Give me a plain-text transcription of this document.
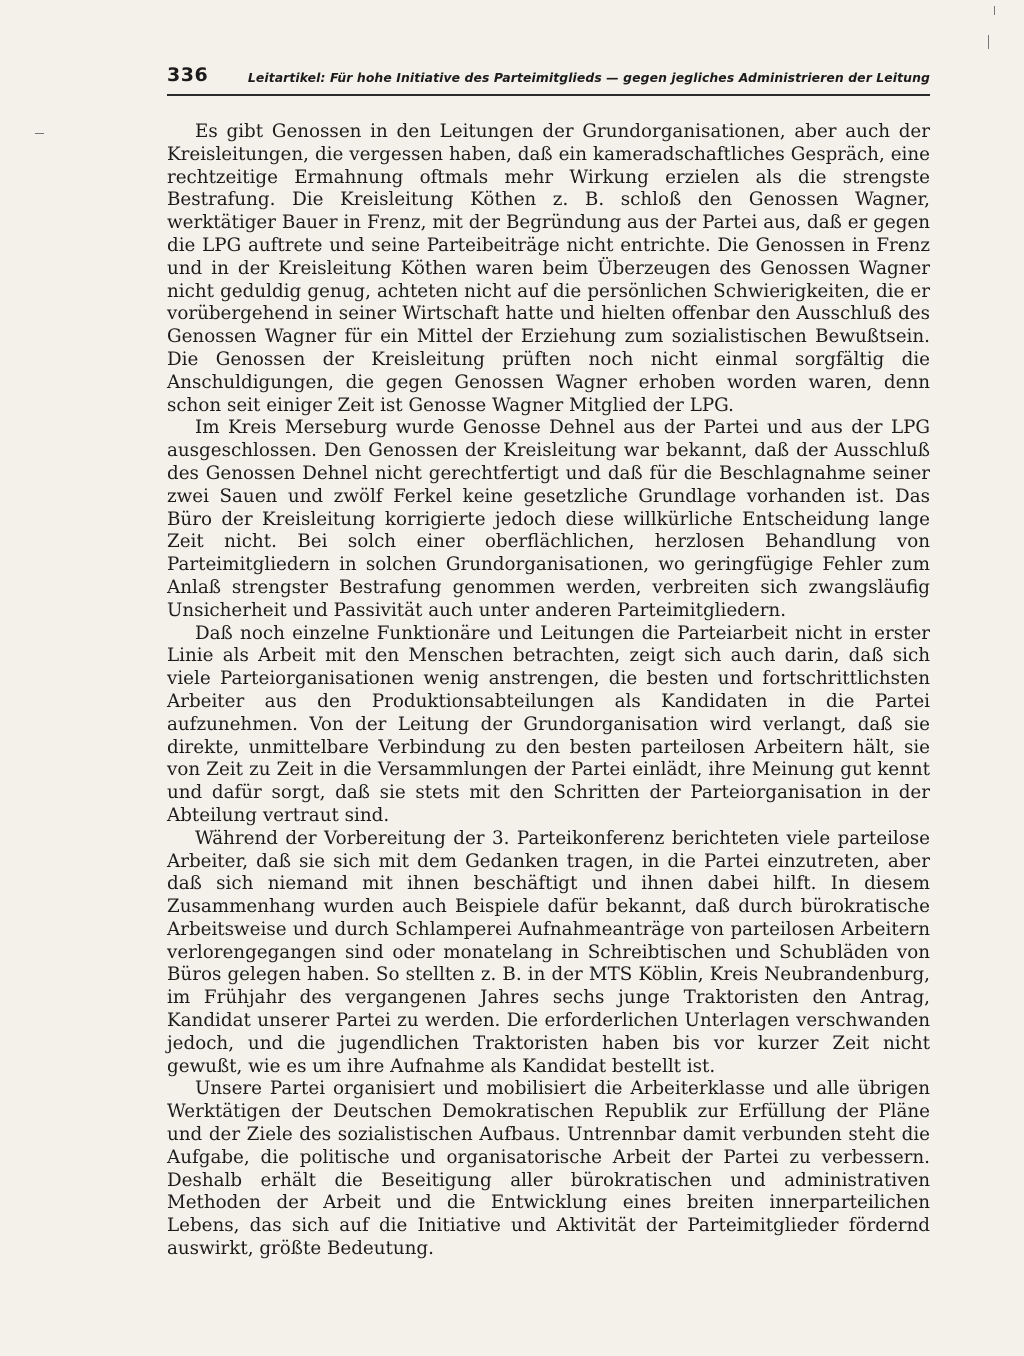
336	Leitartikel: Für hohe Initiative des Parteimitglieds — gegen jegliches Administrieren der Leitung

Es gibt Genossen in den Leitungen der Grundorganisationen, aber auch der Kreisleitungen, die vergessen haben, daß ein kameradschaftliches Gespräch, eine rechtzeitige Ermahnung oftmals mehr Wirkung erzielen als die strengste Bestrafung. Die Kreisleitung Köthen z. B. schloß den Genossen Wagner, werktätiger Bauer in Frenz, mit der Begründung aus der Partei aus, daß er gegen die LPG auftrete und seine Parteibeiträge nicht entrichte. Die Genossen in Frenz und in der Kreisleitung Köthen waren beim Überzeugen des Genossen Wagner nicht geduldig genug, achteten nicht auf die persönlichen Schwierigkeiten, die er vorübergehend in seiner Wirtschaft hatte und hielten offenbar den Ausschluß des Genossen Wagner für ein Mittel der Erziehung zum sozialistischen Bewußtsein. Die Genossen der Kreisleitung prüften noch nicht einmal sorgfältig die Anschuldigungen, die gegen Genossen Wagner erhoben worden waren, denn schon seit einiger Zeit ist Genosse Wagner Mitglied der LPG.

Im Kreis Merseburg wurde Genosse Dehnel aus der Partei und aus der LPG ausgeschlossen. Den Genossen der Kreisleitung war bekannt, daß der Ausschluß des Genossen Dehnel nicht gerechtfertigt und daß für die Beschlagnahme seiner zwei Sauen und zwölf Ferkel keine gesetzliche Grundlage vorhanden ist. Das Büro der Kreisleitung korrigierte jedoch diese willkürliche Entscheidung lange Zeit nicht. Bei solch einer oberflächlichen, herzlosen Behandlung von Parteimitgliedern in solchen Grundorganisationen, wo geringfügige Fehler zum Anlaß strengster Bestrafung genommen werden, verbreiten sich zwangsläufig Unsicherheit und Passivität auch unter anderen Parteimitgliedern.

Daß noch einzelne Funktionäre und Leitungen die Parteiarbeit nicht in erster Linie als Arbeit mit den Menschen betrachten, zeigt sich auch darin, daß sich viele Parteiorganisationen wenig anstrengen, die besten und fortschrittlichsten Arbeiter aus den Produktionsabteilungen als Kandidaten in die Partei aufzunehmen. Von der Leitung der Grundorganisation wird verlangt, daß sie direkte, unmittelbare Verbindung zu den besten parteilosen Arbeitern hält, sie von Zeit zu Zeit in die Versammlungen der Partei einlädt, ihre Meinung gut kennt und dafür sorgt, daß sie stets mit den Schritten der Parteiorganisation in der Abteilung vertraut sind.

Während der Vorbereitung der 3. Parteikonferenz berichteten viele parteilose Arbeiter, daß sie sich mit dem Gedanken tragen, in die Partei einzutreten, aber daß sich niemand mit ihnen beschäftigt und ihnen dabei hilft. In diesem Zusammenhang wurden auch Beispiele dafür bekannt, daß durch bürokratische Arbeitsweise und durch Schlamperei Aufnahmeanträge von parteilosen Arbeitern verlorengegangen sind oder monatelang in Schreibtischen und Schubläden von Büros gelegen haben. So stellten z. B. in der MTS Köblin, Kreis Neubrandenburg, im Frühjahr des vergangenen Jahres sechs junge Traktoristen den Antrag, Kandidat unserer Partei zu werden. Die erforderlichen Unterlagen verschwanden jedoch, und die jugendlichen Traktoristen haben bis vor kurzer Zeit nicht gewußt, wie es um ihre Aufnahme als Kandidat bestellt ist.

Unsere Partei organisiert und mobilisiert die Arbeiterklasse und alle übrigen Werktätigen der Deutschen Demokratischen Republik zur Erfüllung der Pläne und der Ziele des sozialistischen Aufbaus. Untrennbar damit verbunden steht die Aufgabe, die politische und organisatorische Arbeit der Partei zu verbessern. Deshalb erhält die Beseitigung aller bürokratischen und administrativen Methoden der Arbeit und die Entwicklung eines breiten innerparteilichen Lebens, das sich auf die Initiative und Aktivität der Parteimitglieder fördernd auswirkt, größte Bedeutung.
